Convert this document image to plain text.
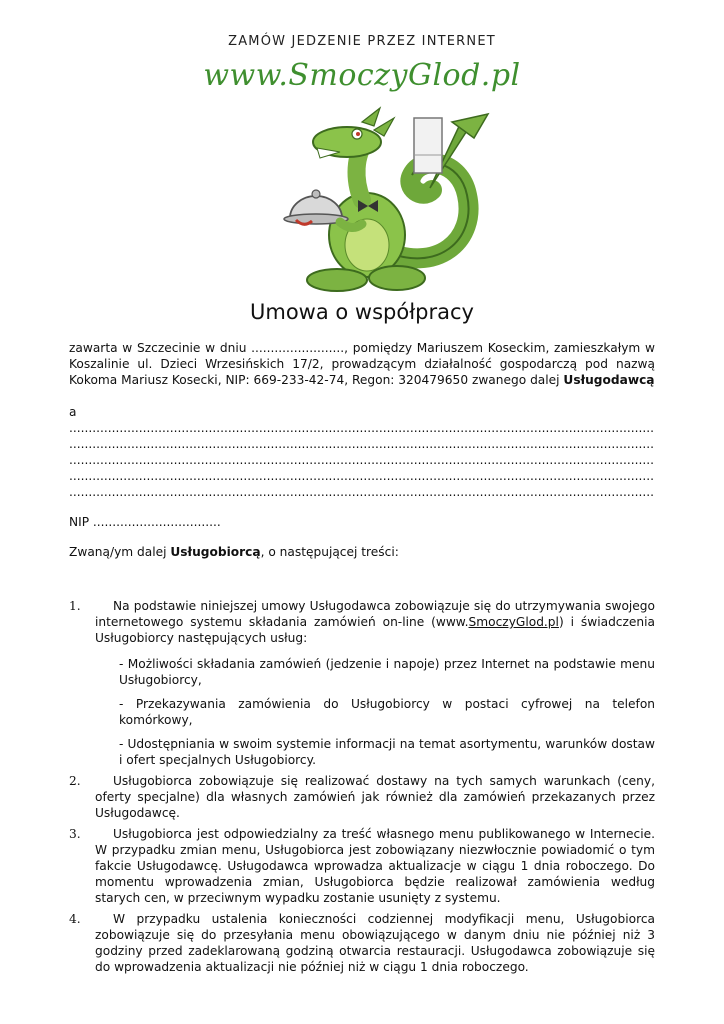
ZAMÓW JEDZENIE PRZEZ INTERNET
www.SmoczyGlod.pl
Umowa o współpracy

zawarta w Szczecinie w dniu ........................, pomiędzy Mariuszem Koseckim, zamieszkałym w Koszalinie ul. Dzieci Wrzesińskich 17/2, prowadzącym działalność gospodarczą pod nazwą Kokoma Mariusz Kosecki, NIP: 669-233-42-74, Regon: 320479650 zwanego dalej Usługodawcą

a
.....
.....
.....
.....
.....
NIP .................................
Zwaną/ym dalej Usługobiorcą, o następującej treści:
1.	Na podstawie niniejszej umowy Usługodawca zobowiązuje się do utrzymywania swojego internetowego systemu składania zamówień on-line (www.SmoczyGlod.pl) i świadczenia Usługobiorcy następujących usług:
- Możliwości składania zamówień (jedzenie i napoje) przez Internet na podstawie menu Usługobiorcy,
- Przekazywania zamówienia do Usługobiorcy w postaci cyfrowej na telefon komórkowy,
- Udostępniania w swoim systemie informacji na temat asortymentu, warunków dostaw i ofert specjalnych Usługobiorcy.
2.	Usługobiorca zobowiązuje się realizować dostawy na tych samych warunkach (ceny, oferty specjalne) dla własnych zamówień jak również dla zamówień przekazanych przez Usługodawcę.
3.	Usługobiorca jest odpowiedzialny za treść własnego menu publikowanego w Internecie. W przypadku zmian menu, Usługobiorca jest zobowiązany niezwłocznie powiadomić o tym fakcie Usługodawcę. Usługodawca wprowadza aktualizacje w ciągu 1 dnia roboczego. Do momentu wprowadzenia zmian, Usługobiorca będzie realizował zamówienia według starych cen, w przeciwnym wypadku zostanie usunięty z systemu.
4.	W przypadku ustalenia konieczności codziennej modyfikacji menu, Usługobiorca zobowiązuje się do przesyłania menu obowiązującego w danym dniu nie później niż 3 godziny przed zadeklarowaną godziną otwarcia restauracji. Usługodawca zobowiązuje się do wprowadzenia aktualizacji nie później niż w ciągu 1 dnia roboczego.
